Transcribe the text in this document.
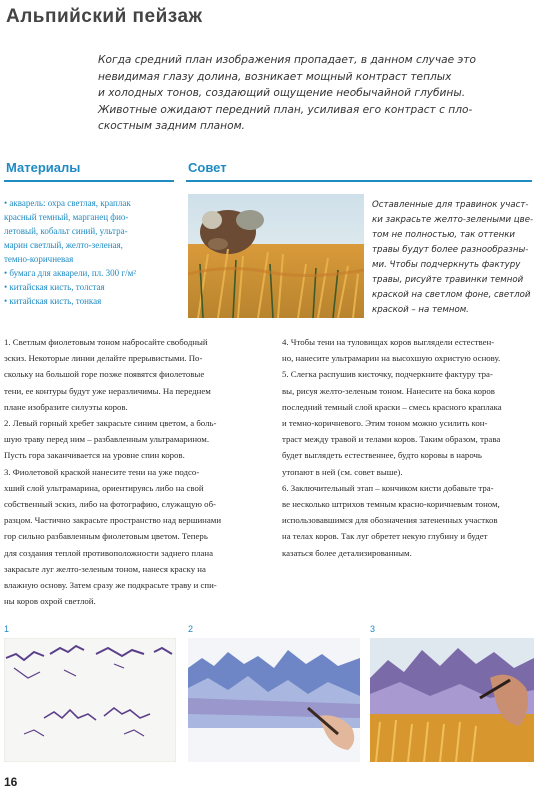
Альпийский пейзаж
Когда средний план изображения пропадает, в данном случае это
невидимая глазу долина, возникает мощный контраст теплых
и холодных тонов, создающий ощущение необычайной глубины.
Животные ожидают передний план, усиливая его контраст с пло-
скостным задним планом.
Материалы	Совет
• акварель: охра светлая, краплак
красный темный, марганец фио-
летовый, кобальт синий, ультра-
марин светлый, желто-зеленая,
темно-коричневая
• бумага для акварели, пл. 300 г/м²
• китайская кисть, толстая
• китайская кисть, тонкая
Оставленные для травинок участ-
ки закрасьте желто-зелеными цве-
том не полностью, так оттенки
травы будут более разнообразны-
ми. Чтобы подчеркнуть фактуру
травы, рисуйте травинки темной
краской на светлом фоне, светлой
краской – на темном.
1. Светлым фиолетовым тоном набросайте свободный
эскиз. Некоторые линии делайте прерывистыми. По-
скольку на большой горе позже появятся фиолетовые
тени, ее контуры будут уже неразличимы. На переднем
плане изобразите силуэты коров.
2. Левый горный хребет закрасьте синим цветом, а боль-
шую траву перед ним – разбавленным ультрамарином.
Пусть гора заканчивается на уровне спин коров.
3. Фиолетовой краской нанесите тени на уже подсо-
хший слой ультрамарина, ориентируясь либо на свой
собственный эскиз, либо на фотографию, служащую об-
разцом. Частично закрасьте пространство над вершинами
гор сильно разбавленным фиолетовым цветом. Теперь
для создания теплой противоположности заднего плана
закрасьте луг желто-зеленым тоном, нанеся краску на
влажную основу. Затем сразу же подкрасьте траву и спи-
ны коров охрой светлой.
4. Чтобы тени на туловищах коров выглядели естествен-
но, нанесите ультрамарин на высохшую охристую основу.
5. Слегка распушив кисточку, подчеркните фактуру тра-
вы, рисуя желто-зеленым тоном. Нанесите на бока коров
последний темный слой краски – смесь красного краплака
и темно-коричневого. Этим тоном можно усилить кон-
траст между травой и телами коров. Таким образом, трава
будет выглядеть естественнее, будто коровы в нарочь
утопают в ней (см. совет выше).
6. Заключительный этап – кончиком кисти добавьте тра-
ве несколько штрихов темным красно-коричневым тоном,
использовавшимся для обозначения затененных участков
на телах коров. Так луг обретет некую глубину и будет
казаться более детализированным.
1	2	3
16
